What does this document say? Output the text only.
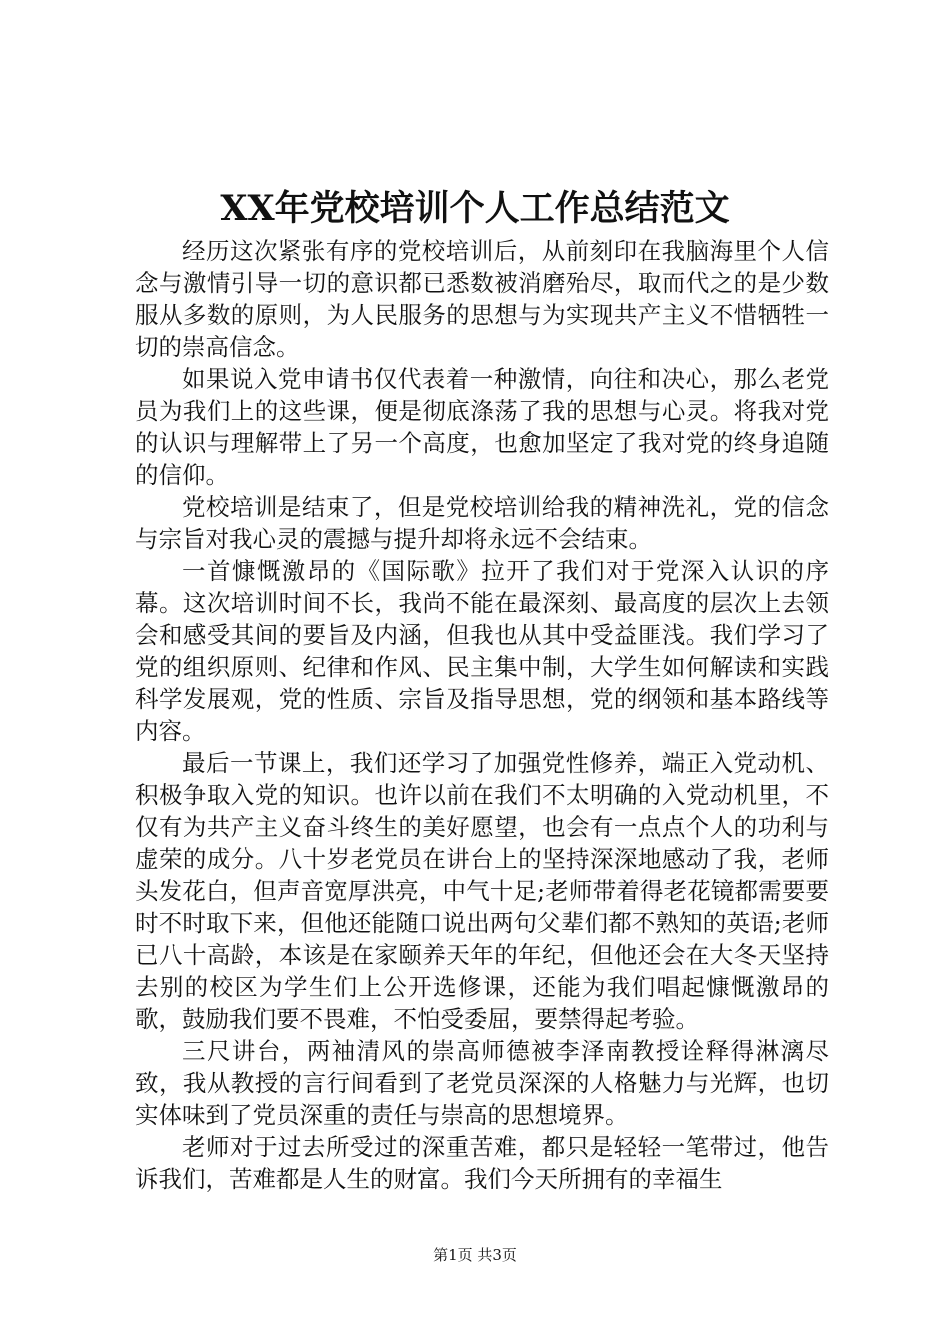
XX年党校培训个人工作总结范文

经历这次紧张有序的党校培训后，从前刻印在我脑海里个人信念与激情引导一切的意识都已悉数被消磨殆尽，取而代之的是少数服从多数的原则，为人民服务的思想与为实现共产主义不惜牺牲一切的崇高信念。

如果说入党申请书仅代表着一种激情，向往和决心，那么老党员为我们上的这些课，便是彻底涤荡了我的思想与心灵。将我对党的认识与理解带上了另一个高度，也愈加坚定了我对党的终身追随的信仰。

党校培训是结束了，但是党校培训给我的精神洗礼，党的信念与宗旨对我心灵的震撼与提升却将永远不会结束。

一首慷慨激昂的《国际歌》拉开了我们对于党深入认识的序幕。这次培训时间不长，我尚不能在最深刻、最高度的层次上去领会和感受其间的要旨及内涵，但我也从其中受益匪浅。我们学习了党的组织原则、纪律和作风、民主集中制，大学生如何解读和实践科学发展观，党的性质、宗旨及指导思想，党的纲领和基本路线等内容。

最后一节课上，我们还学习了加强党性修养，端正入党动机、积极争取入党的知识。也许以前在我们不太明确的入党动机里，不仅有为共产主义奋斗终生的美好愿望，也会有一点点个人的功利与虚荣的成分。八十岁老党员在讲台上的坚持深深地感动了我，老师头发花白，但声音宽厚洪亮，中气十足;老师带着得老花镜都需要要时不时取下来，但他还能随口说出两句父辈们都不熟知的英语;老师已八十高龄，本该是在家颐养天年的年纪，但他还会在大冬天坚持去别的校区为学生们上公开选修课，还能为我们唱起慷慨激昂的歌，鼓励我们要不畏难，不怕受委屈，要禁得起考验。

三尺讲台，两袖清风的崇高师德被李泽南教授诠释得淋漓尽致，我从教授的言行间看到了老党员深深的人格魅力与光辉，也切实体味到了党员深重的责任与崇高的思想境界。

老师对于过去所受过的深重苦难，都只是轻轻一笔带过，他告诉我们，苦难都是人生的财富。我们今天所拥有的幸福生

第1页 共3页
